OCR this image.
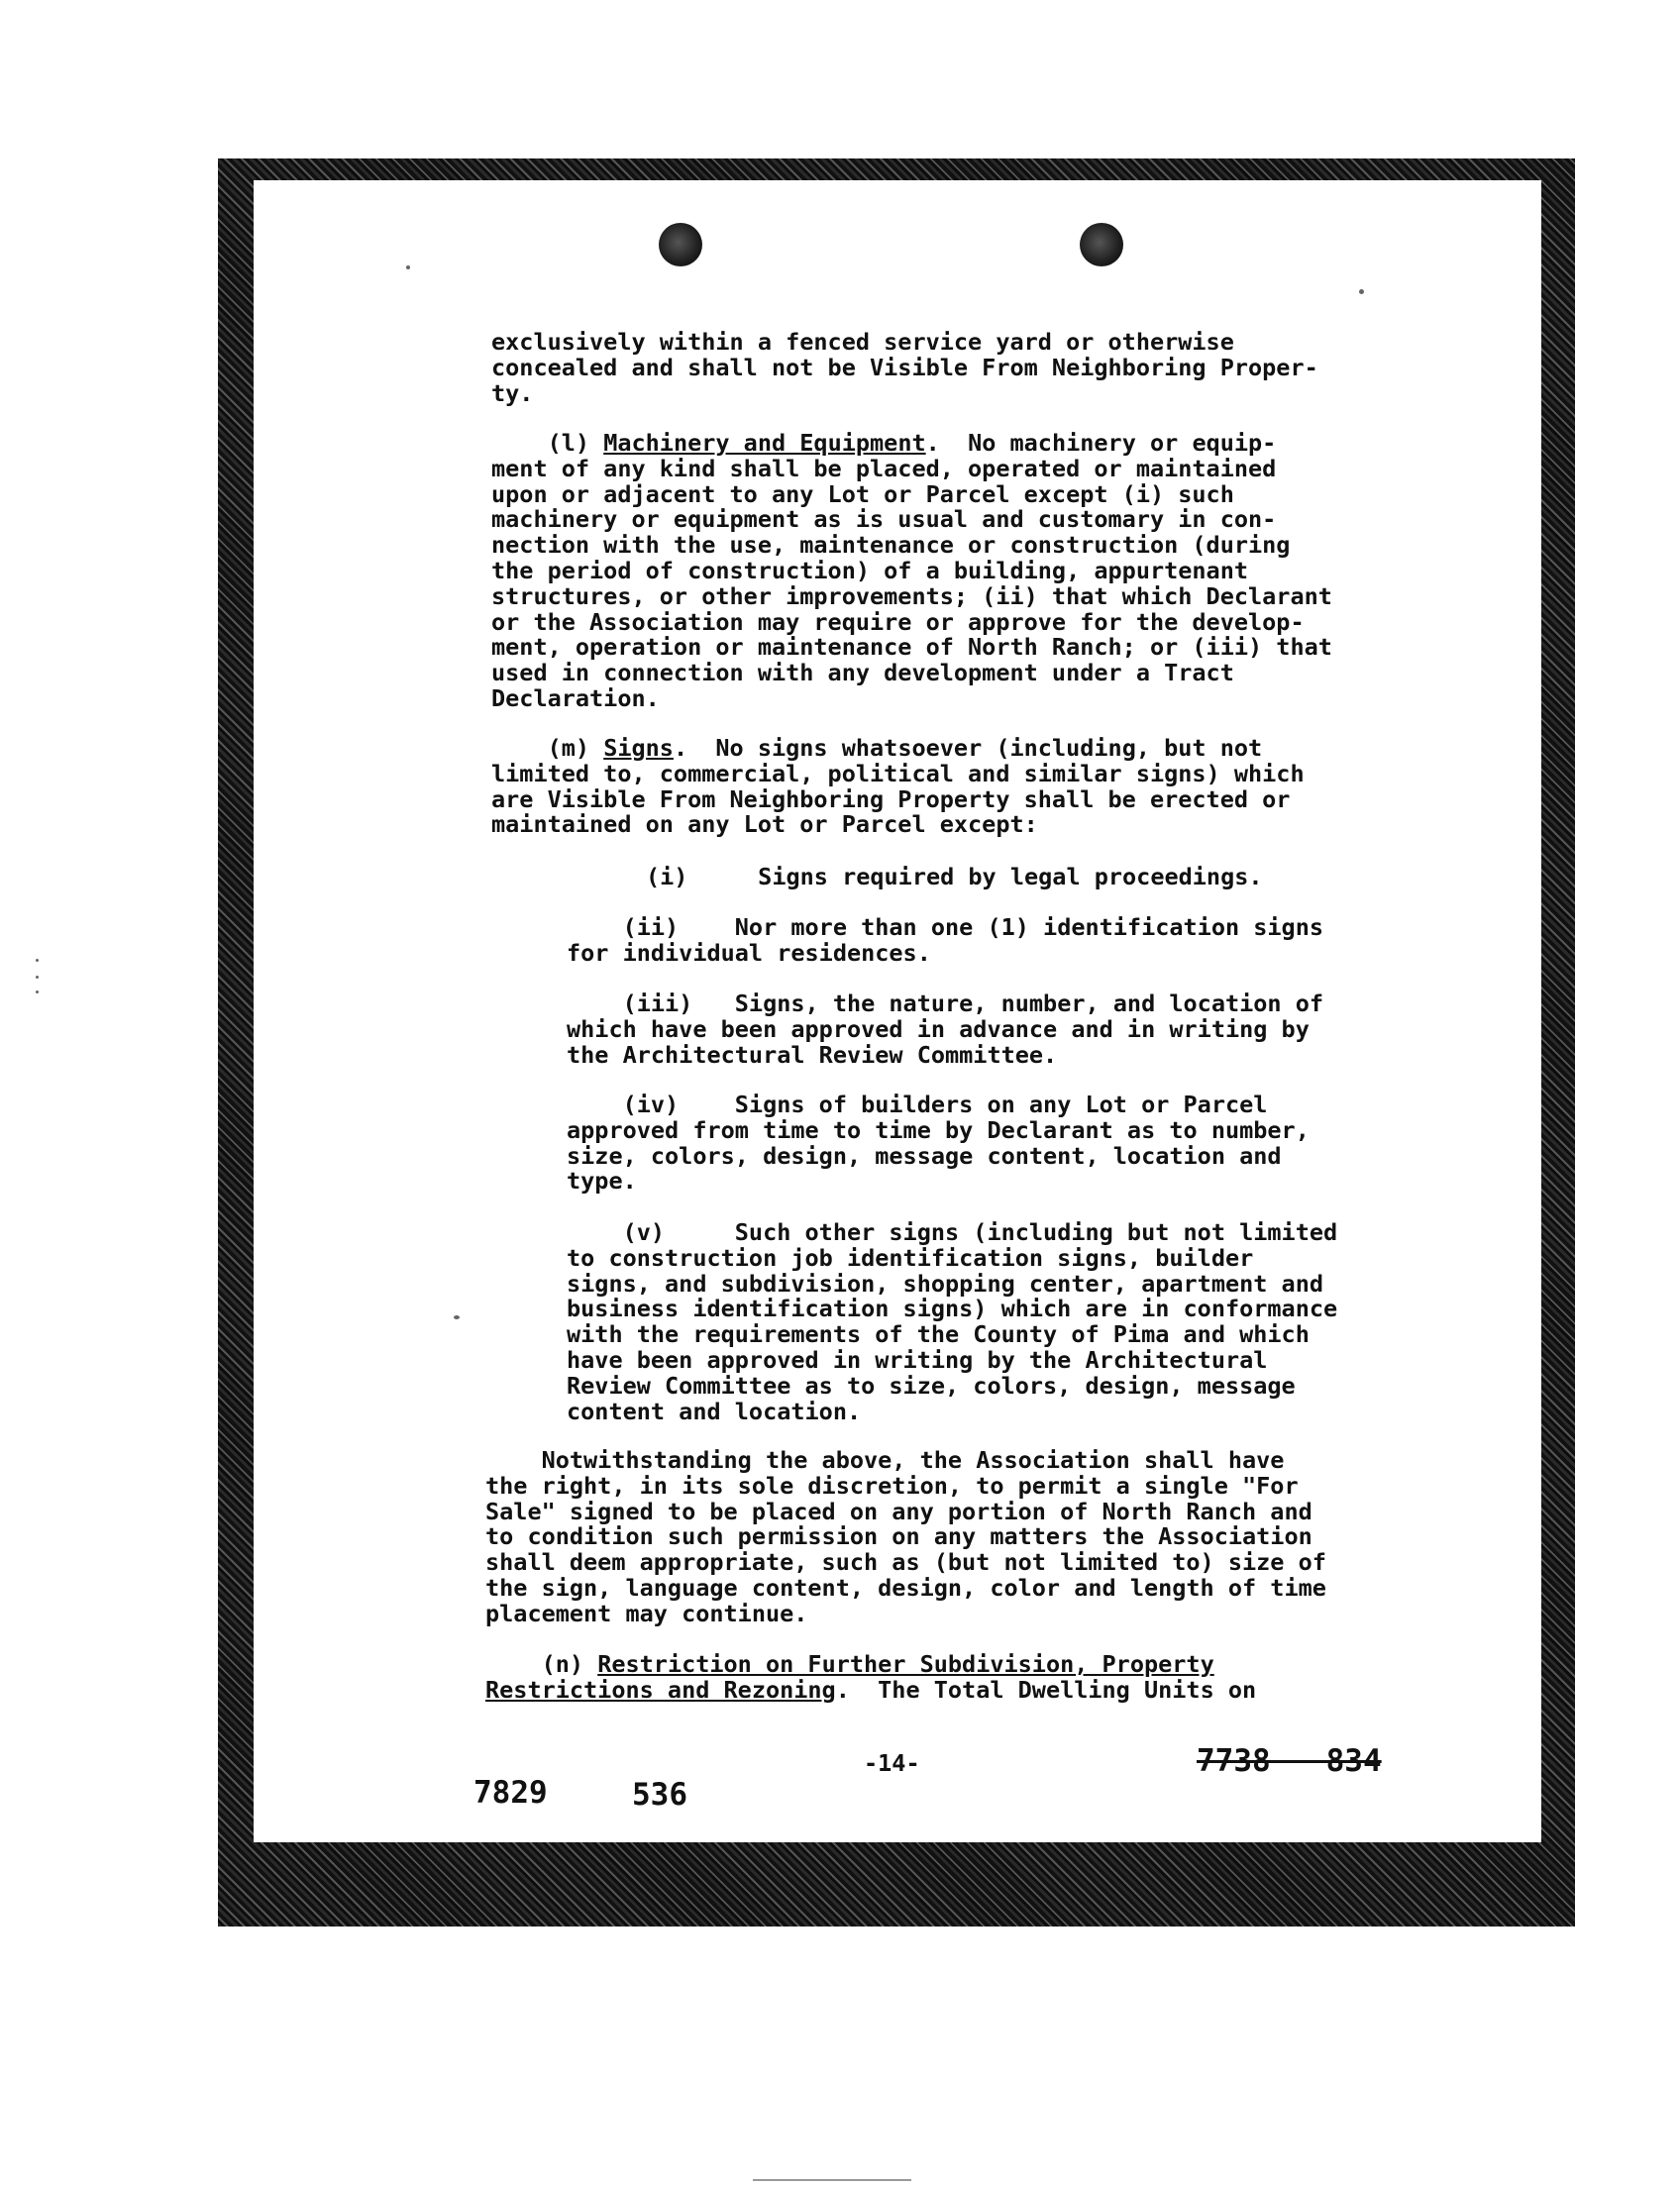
exclusively within a fenced service yard or otherwise
concealed and shall not be Visible From Neighboring Proper-
ty.
(l) Machinery and Equipment.  No machinery or equip-
ment of any kind shall be placed, operated or maintained
upon or adjacent to any Lot or Parcel except (i) such
machinery or equipment as is usual and customary in con-
nection with the use, maintenance or construction (during
the period of construction) of a building, appurtenant
structures, or other improvements; (ii) that which Declarant
or the Association may require or approve for the develop-
ment, operation or maintenance of North Ranch; or (iii) that
used in connection with any development under a Tract
Declaration.
(m) Signs.  No signs whatsoever (including, but not
limited to, commercial, political and similar signs) which
are Visible From Neighboring Property shall be erected or
maintained on any Lot or Parcel except:
(i)     Signs required by legal proceedings.
(ii)    Nor more than one (1) identification signs
for individual residences.
(iii)   Signs, the nature, number, and location of
which have been approved in advance and in writing by
the Architectural Review Committee.
(iv)    Signs of builders on any Lot or Parcel
approved from time to time by Declarant as to number,
size, colors, design, message content, location and
type.
(v)     Such other signs (including but not limited
to construction job identification signs, builder
signs, and subdivision, shopping center, apartment and
business identification signs) which are in conformance
with the requirements of the County of Pima and which
have been approved in writing by the Architectural
Review Committee as to size, colors, design, message
content and location.
Notwithstanding the above, the Association shall have
the right, in its sole discretion, to permit a single "For
Sale" signed to be placed on any portion of North Ranch and
to condition such permission on any matters the Association
shall deem appropriate, such as (but not limited to) size of
the sign, language content, design, color and length of time
placement may continue.
(n) Restriction on Further Subdivision, Property
Restrictions and Rezoning.  The Total Dwelling Units on
-14-
7829	536
7738   834
